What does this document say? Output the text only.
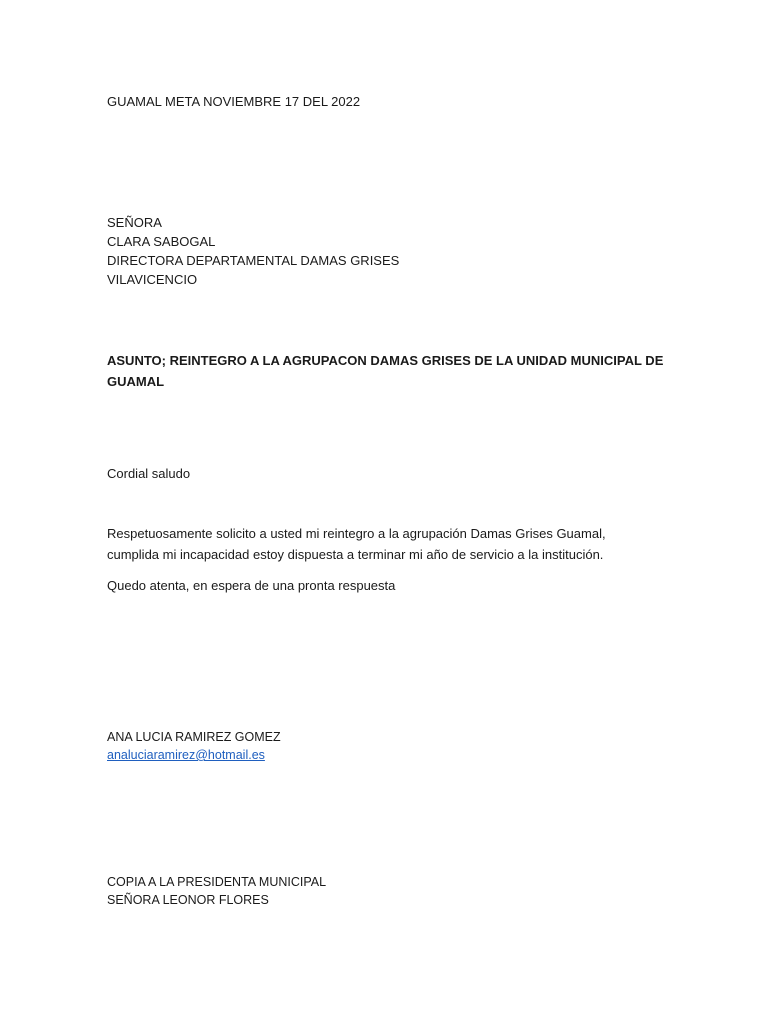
GUAMAL META NOVIEMBRE 17 DEL 2022
SEÑORA
CLARA SABOGAL
DIRECTORA DEPARTAMENTAL DAMAS GRISES
VILAVICENCIO
ASUNTO; REINTEGRO A LA AGRUPACON DAMAS GRISES DE LA UNIDAD MUNICIPAL DE
GUAMAL
Cordial saludo
Respetuosamente solicito a usted mi reintegro a la agrupación Damas Grises Guamal,
cumplida mi incapacidad estoy dispuesta a terminar mi año de servicio a la institución.
Quedo atenta, en espera de una pronta respuesta
ANA LUCIA RAMIREZ GOMEZ
analuciaramirez@hotmail.es
COPIA A LA PRESIDENTA MUNICIPAL
SEÑORA LEONOR FLORES
